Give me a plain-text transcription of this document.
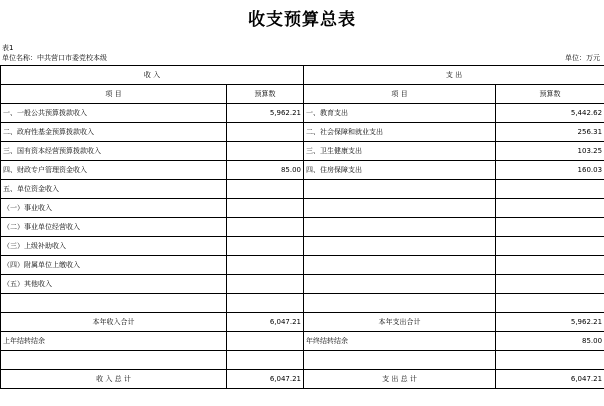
收支预算总表
表1
单位名称：中共营口市委党校本级	单位：万元
收 入		支 出	
项 目	预算数	项 目	预算数
一、一般公共预算拨款收入	5,962.21	一、教育支出	5,442.62
二、政府性基金预算拨款收入		二、社会保障和就业支出	256.31
三、国有资本经营预算拨款收入		三、卫生健康支出	103.25
四、财政专户管理资金收入	85.00	四、住房保障支出	160.03
五、单位资金收入			
（一）事业收入			
（二）事业单位经营收入			
（三）上级补助收入			
（四）附属单位上缴收入			
（五）其他收入			

本年收入合计	6,047.21	本年支出合计	5,962.21
上年结转结余		年终结转结余	85.00

收 入 总 计	6,047.21	支 出 总 计	6,047.21
